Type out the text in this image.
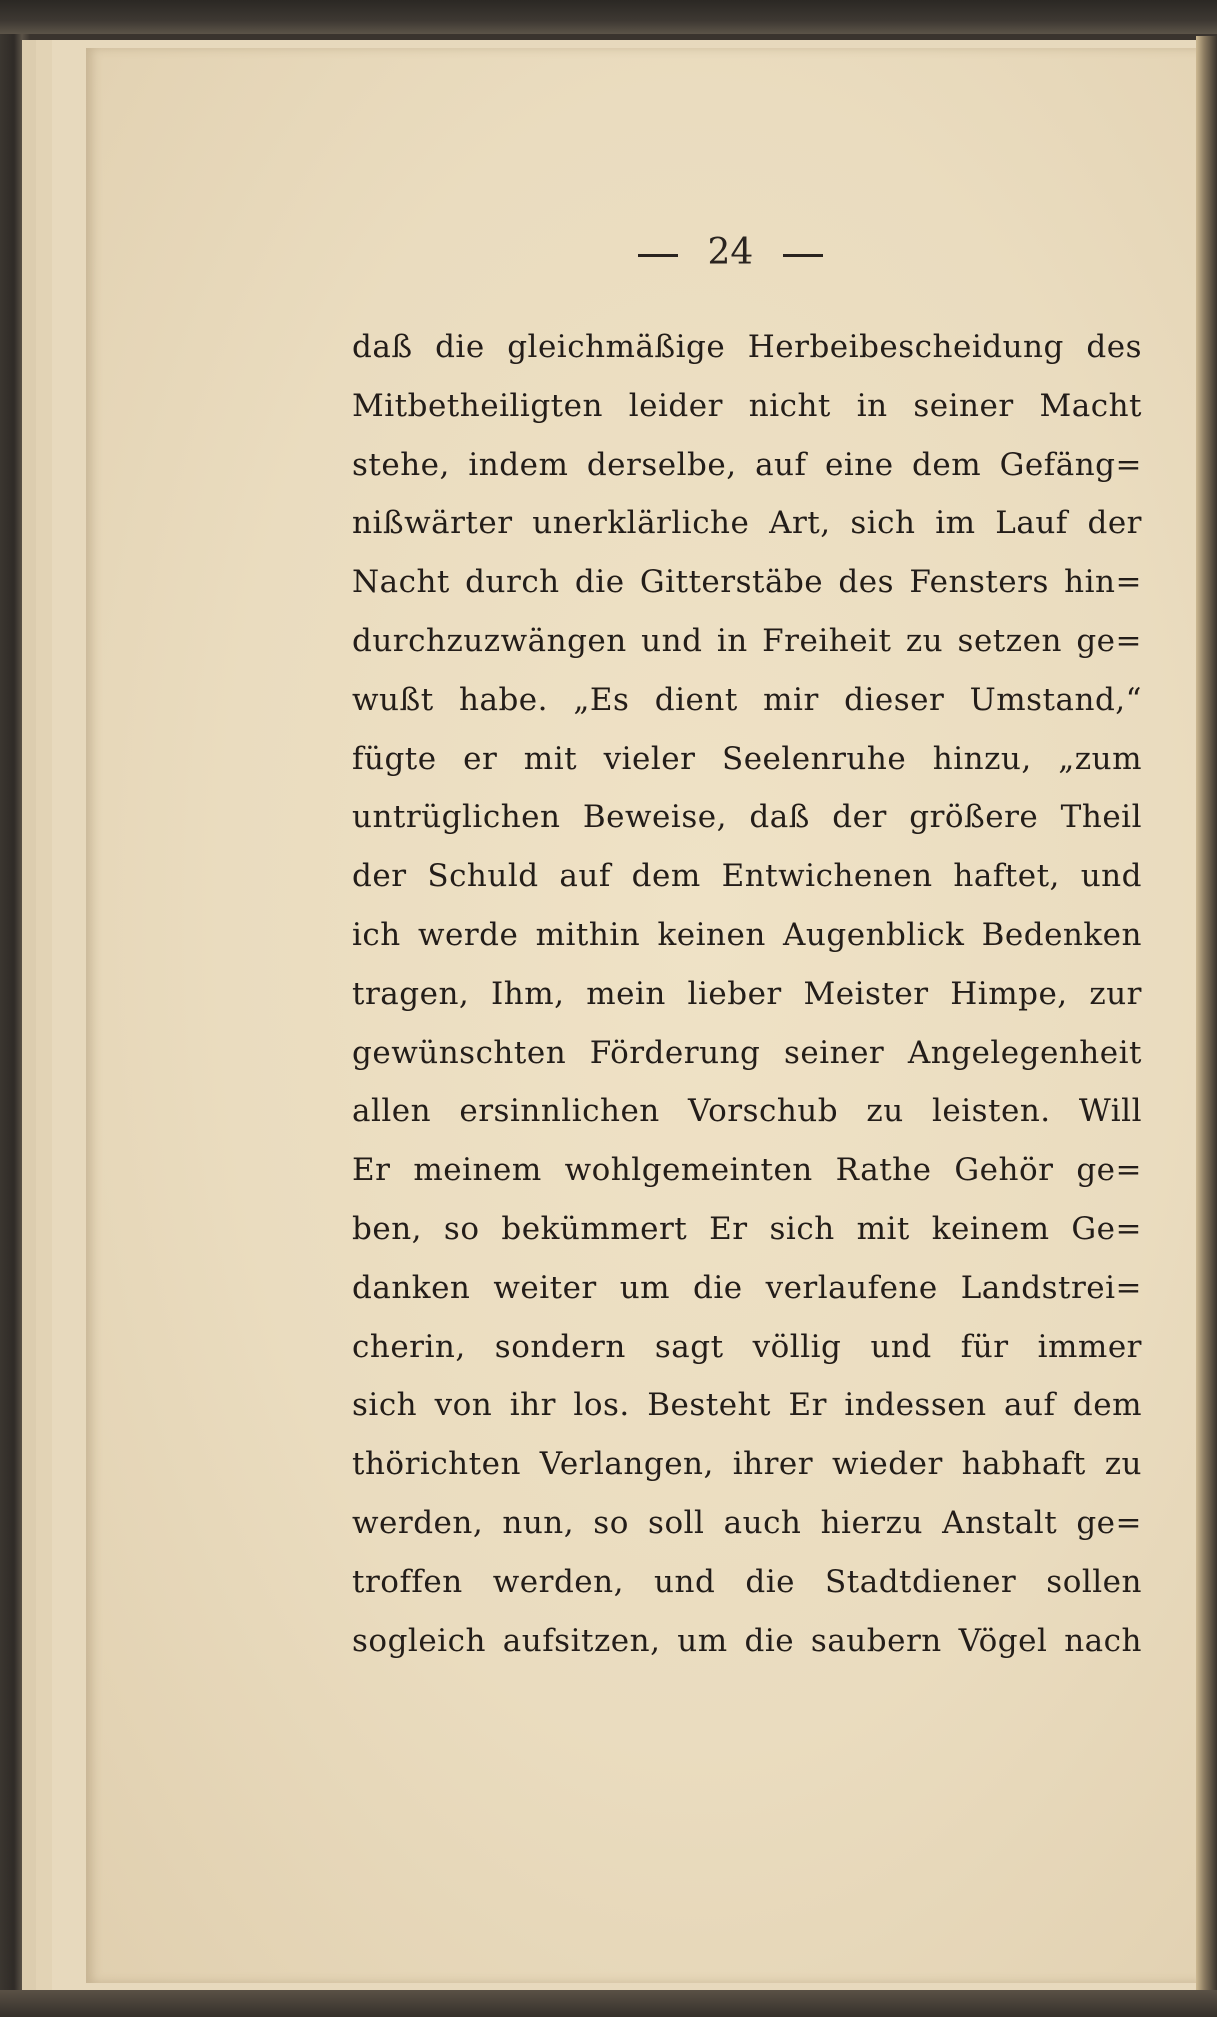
24
daß die gleichmäßige Herbeibescheidung des
Mitbetheiligten leider nicht in seiner Macht
stehe, indem derselbe, auf eine dem Gefäng=
nißwärter unerklärliche Art, sich im Lauf der
Nacht durch die Gitterstäbe des Fensters hin=
durchzuzwängen und in Freiheit zu setzen ge=
wußt habe. „Es dient mir dieser Umstand,“
fügte er mit vieler Seelenruhe hinzu, „zum
untrüglichen Beweise, daß der größere Theil
der Schuld auf dem Entwichenen haftet, und
ich werde mithin keinen Augenblick Bedenken
tragen, Ihm, mein lieber Meister Himpe, zur
gewünschten Förderung seiner Angelegenheit
allen ersinnlichen Vorschub zu leisten. Will
Er meinem wohlgemeinten Rathe Gehör ge=
ben, so bekümmert Er sich mit keinem Ge=
danken weiter um die verlaufene Landstrei=
cherin, sondern sagt völlig und für immer
sich von ihr los. Besteht Er indessen auf dem
thörichten Verlangen, ihrer wieder habhaft zu
werden, nun, so soll auch hierzu Anstalt ge=
troffen werden, und die Stadtdiener sollen
sogleich aufsitzen, um die saubern Vögel nach
